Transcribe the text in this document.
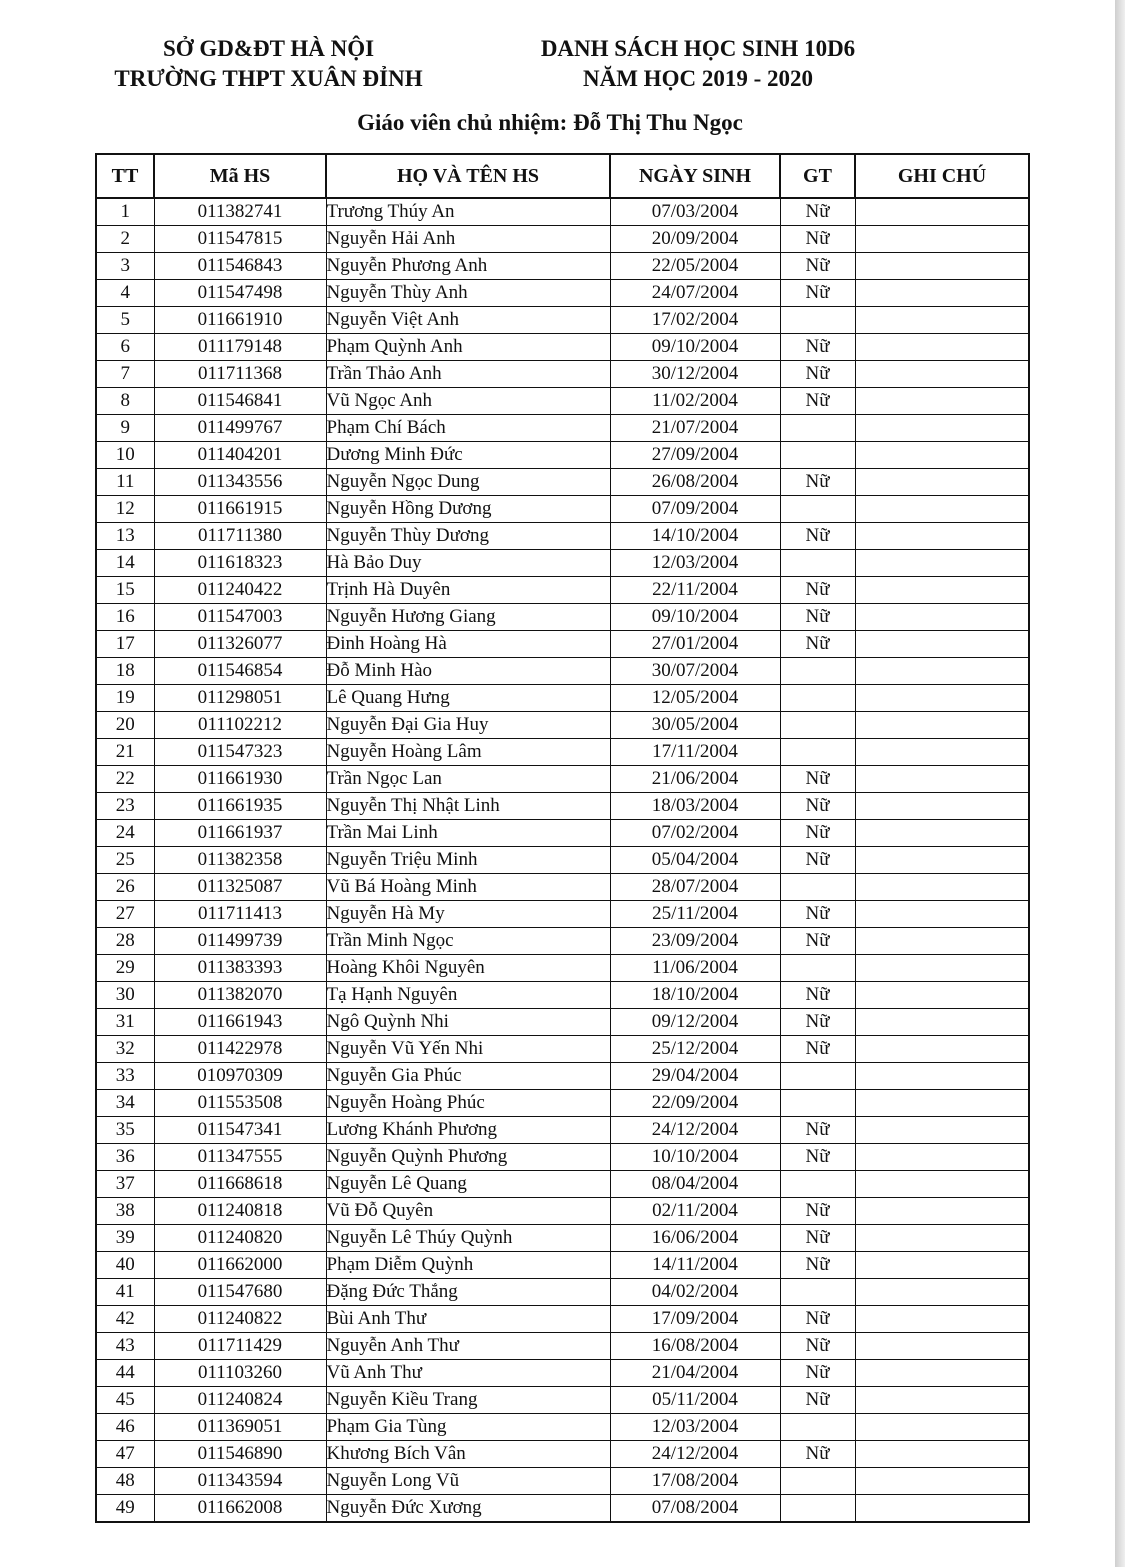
SỞ GD&ĐT HÀ NỘI
TRƯỜNG THPT XUÂN ĐỈNH
DANH SÁCH HỌC SINH 10D6
NĂM HỌC 2019 - 2020
Giáo viên chủ nhiệm: Đỗ Thị Thu Ngọc
TT	Mã HS	HỌ VÀ TÊN HS	NGÀY SINH	GT	GHI CHÚ
1	011382741	Trương Thúy An	07/03/2004	Nữ	
2	011547815	Nguyễn Hải Anh	20/09/2004	Nữ	
3	011546843	Nguyễn Phương Anh	22/05/2004	Nữ	
4	011547498	Nguyễn Thùy Anh	24/07/2004	Nữ	
5	011661910	Nguyễn Việt Anh	17/02/2004		
6	011179148	Phạm Quỳnh Anh	09/10/2004	Nữ	
7	011711368	Trần Thảo Anh	30/12/2004	Nữ	
8	011546841	Vũ Ngọc Anh	11/02/2004	Nữ	
9	011499767	Phạm Chí Bách	21/07/2004		
10	011404201	Dương Minh Đức	27/09/2004		
11	011343556	Nguyễn Ngọc Dung	26/08/2004	Nữ	
12	011661915	Nguyễn Hồng Dương	07/09/2004		
13	011711380	Nguyễn Thùy Dương	14/10/2004	Nữ	
14	011618323	Hà Bảo Duy	12/03/2004		
15	011240422	Trịnh Hà Duyên	22/11/2004	Nữ	
16	011547003	Nguyễn Hương Giang	09/10/2004	Nữ	
17	011326077	Đinh Hoàng Hà	27/01/2004	Nữ	
18	011546854	Đỗ Minh Hào	30/07/2004		
19	011298051	Lê Quang Hưng	12/05/2004		
20	011102212	Nguyễn Đại Gia Huy	30/05/2004		
21	011547323	Nguyễn Hoàng Lâm	17/11/2004		
22	011661930	Trần Ngọc Lan	21/06/2004	Nữ	
23	011661935	Nguyễn Thị Nhật Linh	18/03/2004	Nữ	
24	011661937	Trần Mai Linh	07/02/2004	Nữ	
25	011382358	Nguyễn Triệu Minh	05/04/2004	Nữ	
26	011325087	Vũ Bá Hoàng Minh	28/07/2004		
27	011711413	Nguyễn Hà My	25/11/2004	Nữ	
28	011499739	Trần Minh Ngọc	23/09/2004	Nữ	
29	011383393	Hoàng Khôi Nguyên	11/06/2004		
30	011382070	Tạ Hạnh Nguyên	18/10/2004	Nữ	
31	011661943	Ngô Quỳnh Nhi	09/12/2004	Nữ	
32	011422978	Nguyễn Vũ Yến Nhi	25/12/2004	Nữ	
33	010970309	Nguyễn Gia Phúc	29/04/2004		
34	011553508	Nguyễn Hoàng Phúc	22/09/2004		
35	011547341	Lương Khánh Phương	24/12/2004	Nữ	
36	011347555	Nguyễn Quỳnh Phương	10/10/2004	Nữ	
37	011668618	Nguyễn Lê Quang	08/04/2004		
38	011240818	Vũ Đỗ Quyên	02/11/2004	Nữ	
39	011240820	Nguyễn Lê Thúy Quỳnh	16/06/2004	Nữ	
40	011662000	Phạm Diễm Quỳnh	14/11/2004	Nữ	
41	011547680	Đặng Đức Thắng	04/02/2004		
42	011240822	Bùi Anh Thư	17/09/2004	Nữ	
43	011711429	Nguyễn Anh Thư	16/08/2004	Nữ	
44	011103260	Vũ Anh Thư	21/04/2004	Nữ	
45	011240824	Nguyễn Kiều Trang	05/11/2004	Nữ	
46	011369051	Phạm Gia Tùng	12/03/2004		
47	011546890	Khương Bích Vân	24/12/2004	Nữ	
48	011343594	Nguyễn Long Vũ	17/08/2004		
49	011662008	Nguyễn Đức Xương	07/08/2004		
